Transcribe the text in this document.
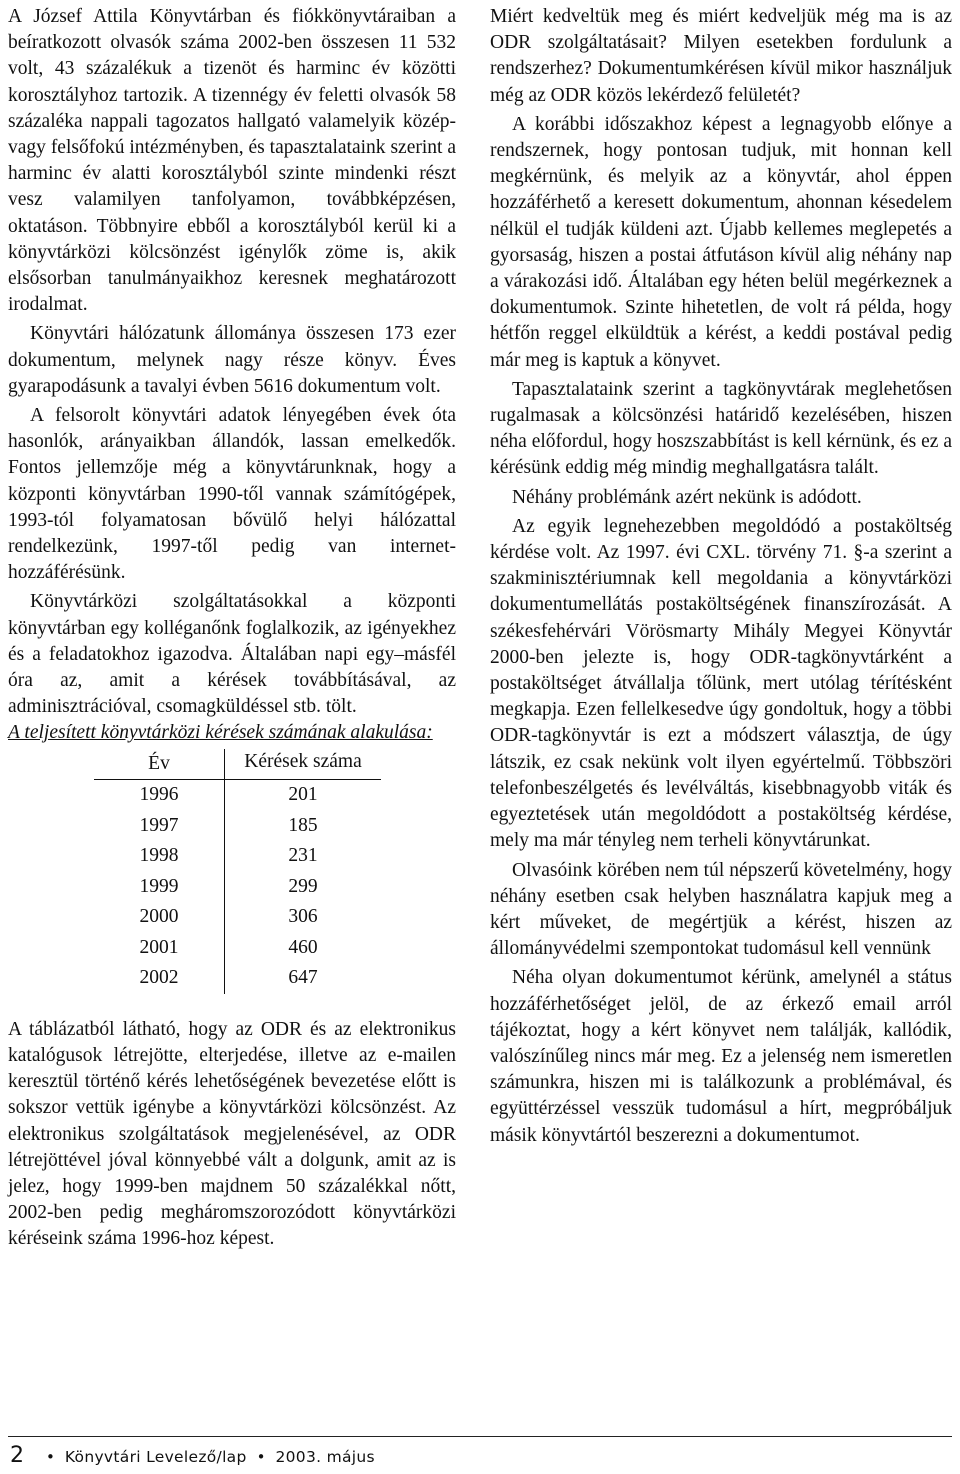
A József Attila Könyvtárban és fiókkönyvtáraiban a beíratkozott olvasók száma 2002-ben összesen 11 532 volt, 43 százalékuk a tizenöt és harminc év közötti korosztályhoz tartozik. A tizennégy év feletti olvasók 58 százaléka nappali tagozatos hallgató valamelyik közép- vagy felsőfokú intézményben, és tapasztalataink szerint a harminc év alatti korosztályból szinte mindenki részt vesz valamilyen tanfolyamon, továbbképzésen, oktatáson. Többnyire ebből a korosztályból kerül ki a könyvtárközi kölcsönzést igénylők zöme is, akik elsősorban tanulmányaikhoz keresnek meghatározott irodalmat.

Könyvtári hálózatunk állománya összesen 173 ezer dokumentum, melynek nagy része könyv. Éves gyarapodásunk a tavalyi évben 5616 dokumentum volt.

A felsorolt könyvtári adatok lényegében évek óta hasonlók, arányaikban állandók, lassan emelkedők. Fontos jellemzője még a könyvtárunknak, hogy a központi könyvtárban 1990-től vannak számítógépek, 1993-tól folyamatosan bővülő helyi hálózattal rendelkezünk, 1997-től pedig van internet-hozzáférésünk.

Könyvtárközi szolgáltatásokkal a központi könyvtárban egy kolléganőnk foglalkozik, az igényekhez és a feladatokhoz igazodva. Általában napi egy–másfél óra az, amit a kérések továbbításával, az adminisztrációval, csomagküldéssel stb. tölt.

A teljesített könyvtárközi kérések számának alakulása:

Év	Kérések száma
1996	201
1997	185
1998	231
1999	299
2000	306
2001	460
2002	647

A táblázatból látható, hogy az ODR és az elektronikus katalógusok létrejötte, elterjedése, illetve az e-mailen keresztül történő kérés lehetőségének bevezetése előtt is sokszor vettük igénybe a könyvtárközi kölcsönzést. Az elektronikus szolgáltatások megjelenésével, az ODR létrejöttével jóval könnyebbé vált a dolgunk, amit az is jelez, hogy 1999-ben majdnem 50 százalékkal nőtt, 2002-ben pedig megháromszorozódott könyvtárközi kéréseink száma 1996-hoz képest.

Miért kedveltük meg és miért kedveljük még ma is az ODR szolgáltatásait? Milyen esetekben fordulunk a rendszerhez? Dokumentumkérésen kívül mikor használjuk még az ODR közös lekérdező felületét?

A korábbi időszakhoz képest a legnagyobb előnye a rendszernek, hogy pontosan tudjuk, mit honnan kell megkérnünk, és melyik az a könyvtár, ahol éppen hozzáférhető a keresett dokumentum, ahonnan késedelem nélkül el tudják küldeni azt. Újabb kellemes meglepetés a gyorsaság, hiszen a postai átfutáson kívül alig néhány nap a várakozási idő. Általában egy héten belül megérkeznek a dokumentumok. Szinte hihetetlen, de volt rá példa, hogy hétfőn reggel elküldtük a kérést, a keddi postával pedig már meg is kaptuk a könyvet.

Tapasztalataink szerint a tagkönyvtárak meglehetősen rugalmasak a kölcsönzési határidő kezelésében, hiszen néha előfordul, hogy hoszszabbítást is kell kérnünk, és ez a kérésünk eddig még mindig meghallgatásra talált.

Néhány problémánk azért nekünk is adódott.

Az egyik legnehezebben megoldódó a postaköltség kérdése volt. Az 1997. évi CXL. törvény 71. §-a szerint a szakminisztériumnak kell megoldania a könyvtárközi dokumentumellátás postaköltségének finanszírozását. A székesfehérvári Vörösmarty Mihály Megyei Könyvtár 2000-ben jelezte is, hogy ODR-tagkönyvtárként a postaköltséget átvállalja tőlünk, mert utólag térítésként megkapja. Ezen fellelkesedve úgy gondoltuk, hogy a többi ODR-tagkönyvtár is ezt a módszert választja, de úgy látszik, ez csak nekünk volt ilyen egyértelmű. Többszöri telefonbeszélgetés és levélváltás, kisebbnagyobb viták és egyeztetések után megoldódott a postaköltség kérdése, mely ma már tényleg nem terheli könyvtárunkat.

Olvasóink körében nem túl népszerű követelmény, hogy néhány esetben csak helyben használatra kapjuk meg a kért műveket, de megértjük a kérést, hiszen az állományvédelmi szempontokat tudomásul kell vennünk

Néha olyan dokumentumot kérünk, amelynél a státus hozzáférhetőséget jelöl, de az érkező email arról tájékoztat, hogy a kért könyvet nem találják, kallódik, valószínűleg nincs már meg. Ez a jelenség nem ismeretlen számunkra, hiszen mi is találkozunk a problémával, és együttérzéssel vesszük tudomásul a hírt, megpróbáljuk másik könyvtártól beszerezni a dokumentumot.

2 • Könyvtári Levelező/lap • 2003. május
